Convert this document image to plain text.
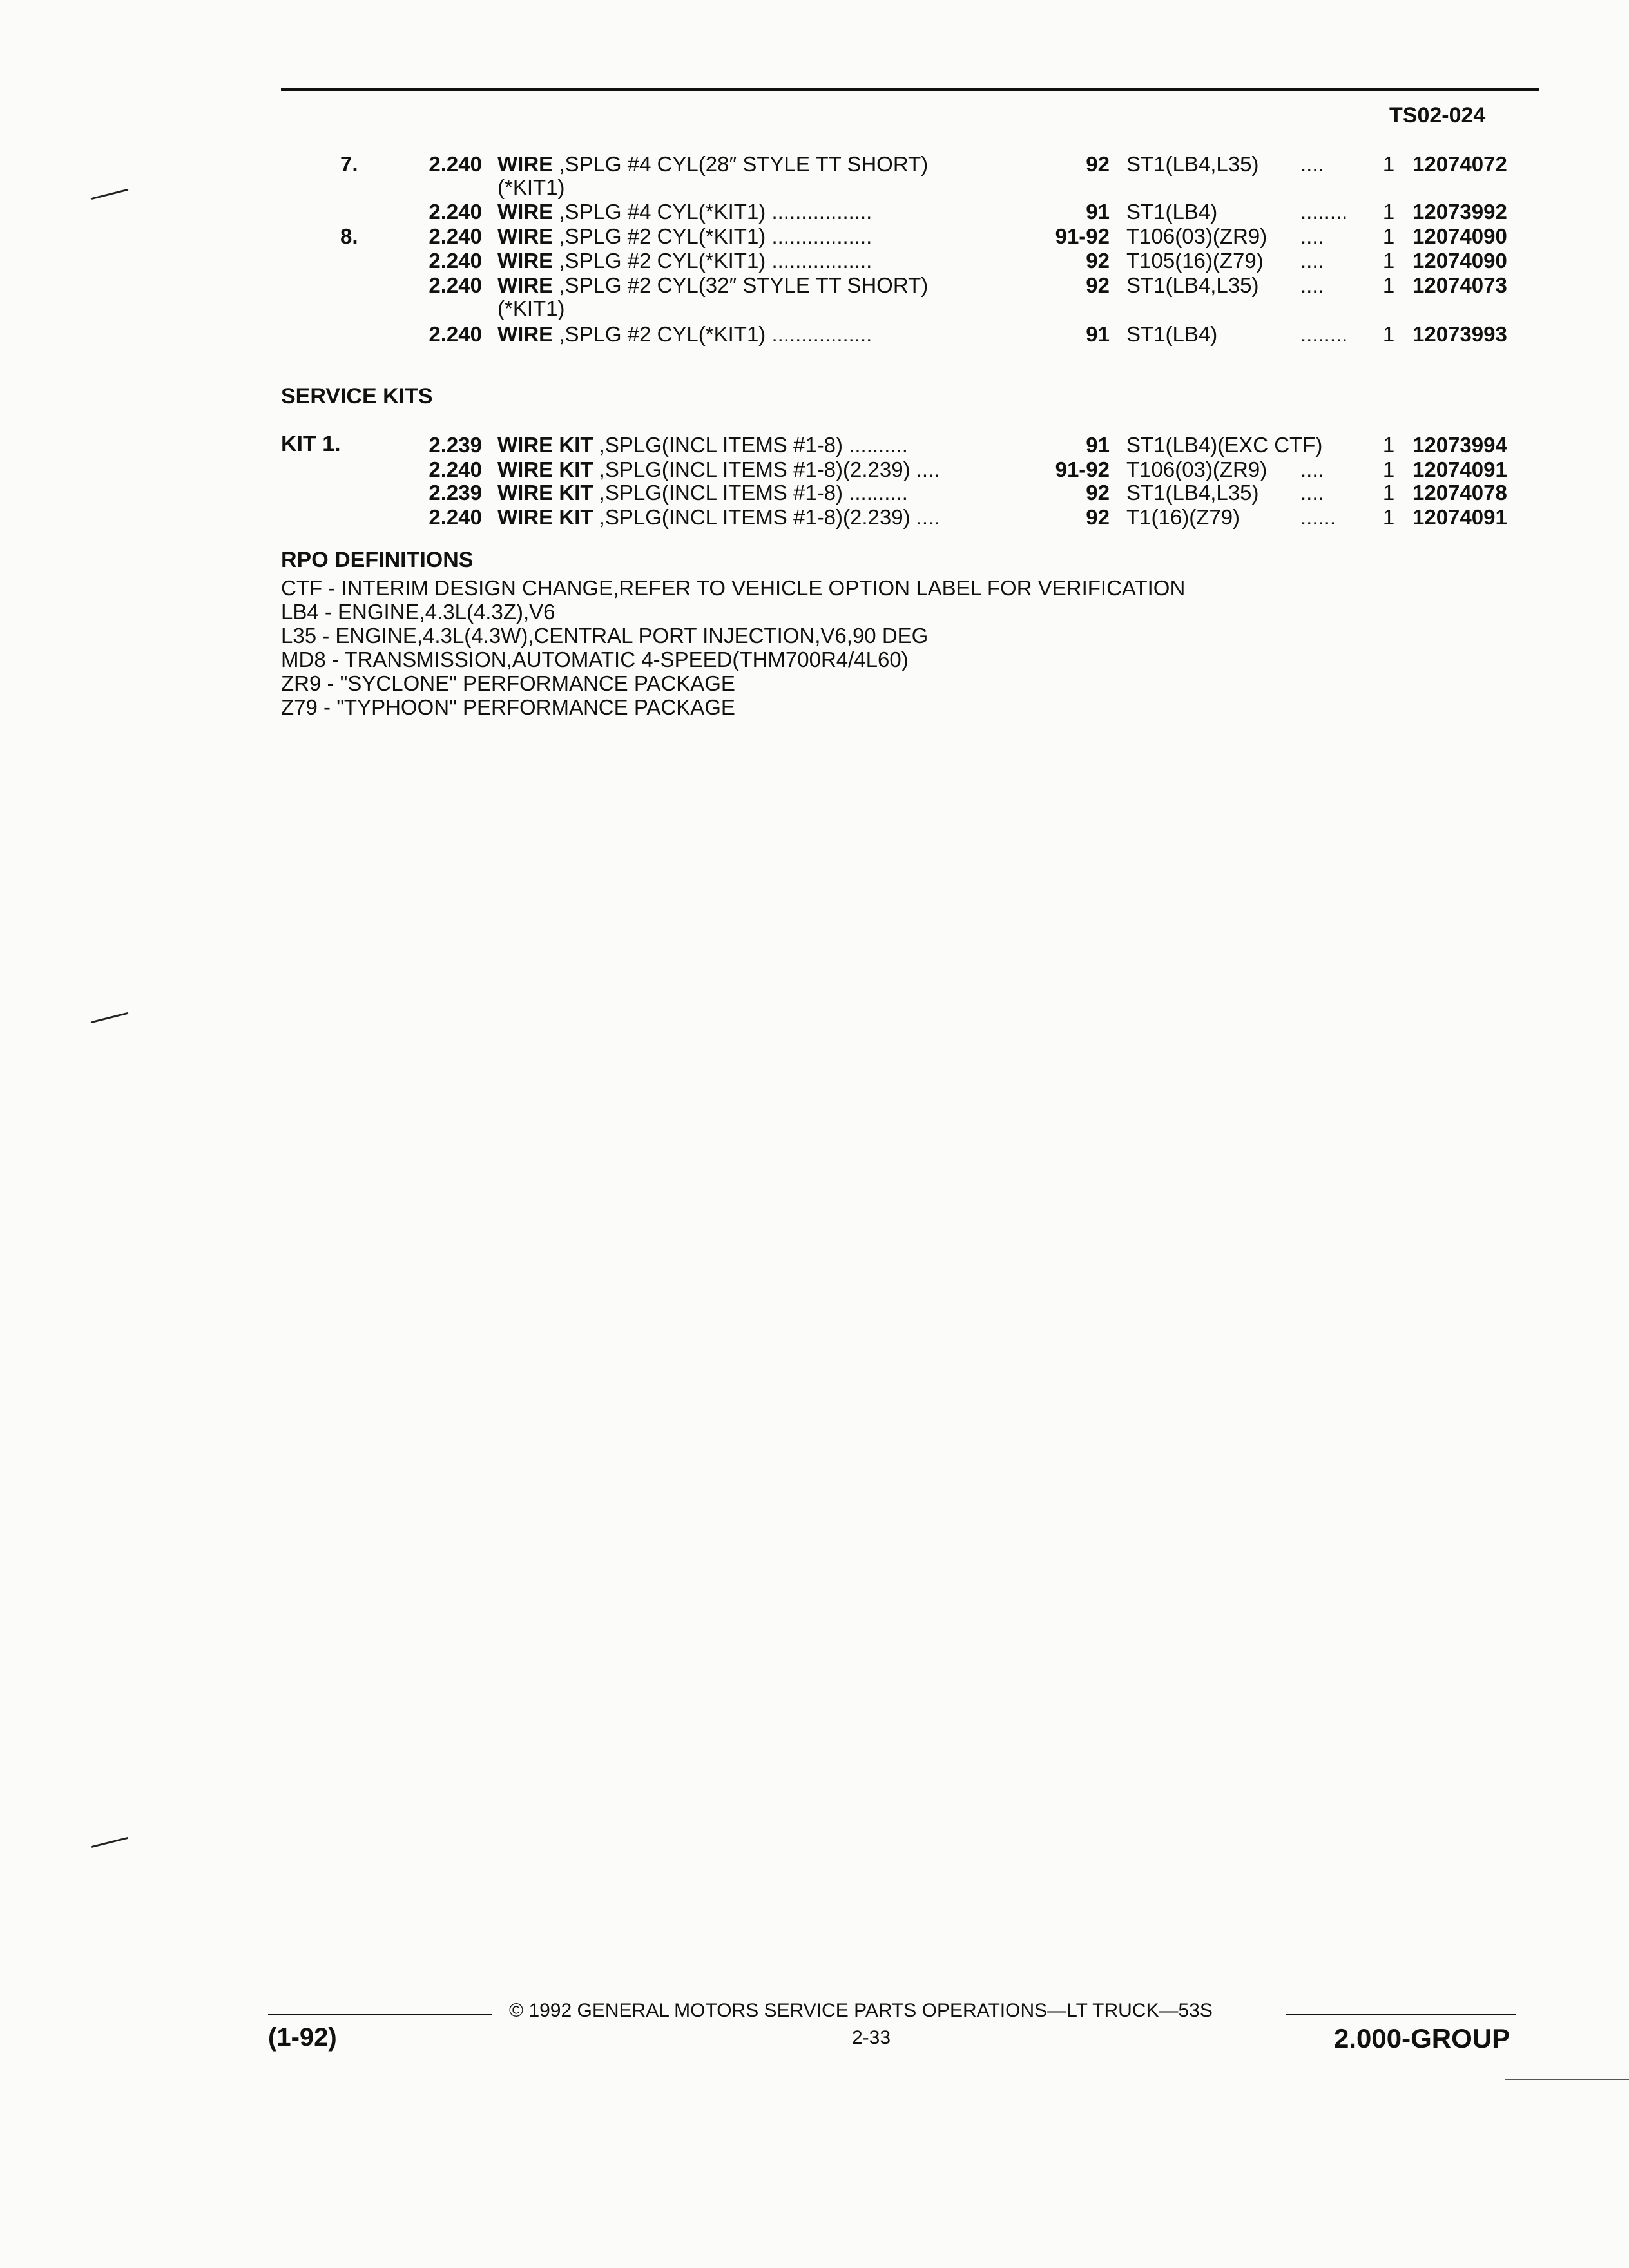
TS02-024
7.	2.240 WIRE ,SPLG #4 CYL(28″ STYLE TT SHORT)	92 ST1(LB4,L35) ....	1 12074072
(*KIT1)
2.240 WIRE ,SPLG #4 CYL(*KIT1) .................	91 ST1(LB4)	........ 1 12073992
8.	2.240 WIRE ,SPLG #2 CYL(*KIT1) .................	91-92 T106(03)(ZR9) ....	1 12074090
2.240 WIRE ,SPLG #2 CYL(*KIT1) .................	92 T105(16)(Z79) ....	1 12074090
2.240 WIRE ,SPLG #2 CYL(32″ STYLE TT SHORT)	92 ST1(LB4,L35) ....	1 12074073
(*KIT1)
2.240 WIRE ,SPLG #2 CYL(*KIT1) .................	91 ST1(LB4)	........ 1 12073993
SERVICE KITS
KIT 1.	2.239 WIRE KIT ,SPLG(INCL ITEMS #1-8) ..........	91 ST1(LB4)(EXC CTF)	1 12073994
2.240 WIRE KIT ,SPLG(INCL ITEMS #1-8)(2.239) ....	91-92 T106(03)(ZR9) ....	1 12074091
2.239 WIRE KIT ,SPLG(INCL ITEMS #1-8) ..........	92 ST1(LB4,L35) ....	1 12074078
2.240 WIRE KIT ,SPLG(INCL ITEMS #1-8)(2.239) ....	92 T1(16)(Z79)	...... 1 12074091
RPO DEFINITIONS
CTF - INTERIM DESIGN CHANGE,REFER TO VEHICLE OPTION LABEL FOR VERIFICATION
LB4 - ENGINE,4.3L(4.3Z),V6
L35 - ENGINE,4.3L(4.3W),CENTRAL PORT INJECTION,V6,90 DEG
MD8 - TRANSMISSION,AUTOMATIC 4-SPEED(THM700R4/4L60)
ZR9 - "SYCLONE" PERFORMANCE PACKAGE
Z79 - "TYPHOON" PERFORMANCE PACKAGE
(1-92)
© 1992 GENERAL MOTORS SERVICE PARTS OPERATIONS—LT TRUCK—53S
2-33	2.000-GROUP
